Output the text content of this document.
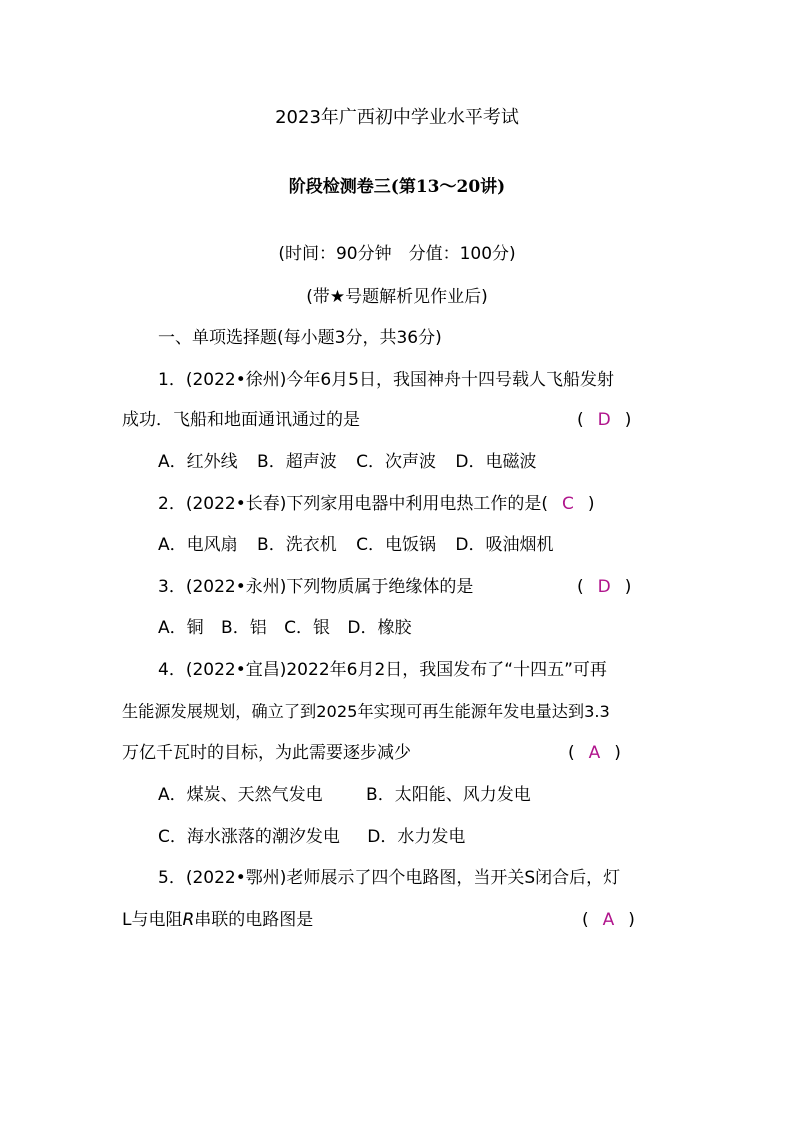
2023年广西初中学业水平考试
阶段检测卷三(第13～20讲)
(时间：90分钟　分值：100分)
(带★号题解析见作业后)
一、单项选择题(每小题3分，共36分)
1．(2022•徐州)今年6月5日，我国神舟十四号载人飞船发射
成功．飞船和地面通讯通过的是	( D )
A．红外线 B．超声波 C．次声波 D．电磁波
2．(2022•长春)下列家用电器中利用电热工作的是( C )
A．电风扇 B．洗衣机 C．电饭锅 D．吸油烟机
3．(2022•永州)下列物质属于绝缘体的是	( D )
A．铜 B．铝 C．银 D．橡胶
4．(2022•宜昌)2022年6月2日，我国发布了“十四五”可再
生能源发展规划，确立了到2025年实现可再生能源年发电量达到3.3
万亿千瓦时的目标，为此需要逐步减少	( A )
A．煤炭、天然气发电	B．太阳能、风力发电
C．海水涨落的潮汐发电 D．水力发电
5．(2022•鄂州)老师展示了四个电路图，当开关S闭合后，灯
L与电阻R串联的电路图是	( A )
